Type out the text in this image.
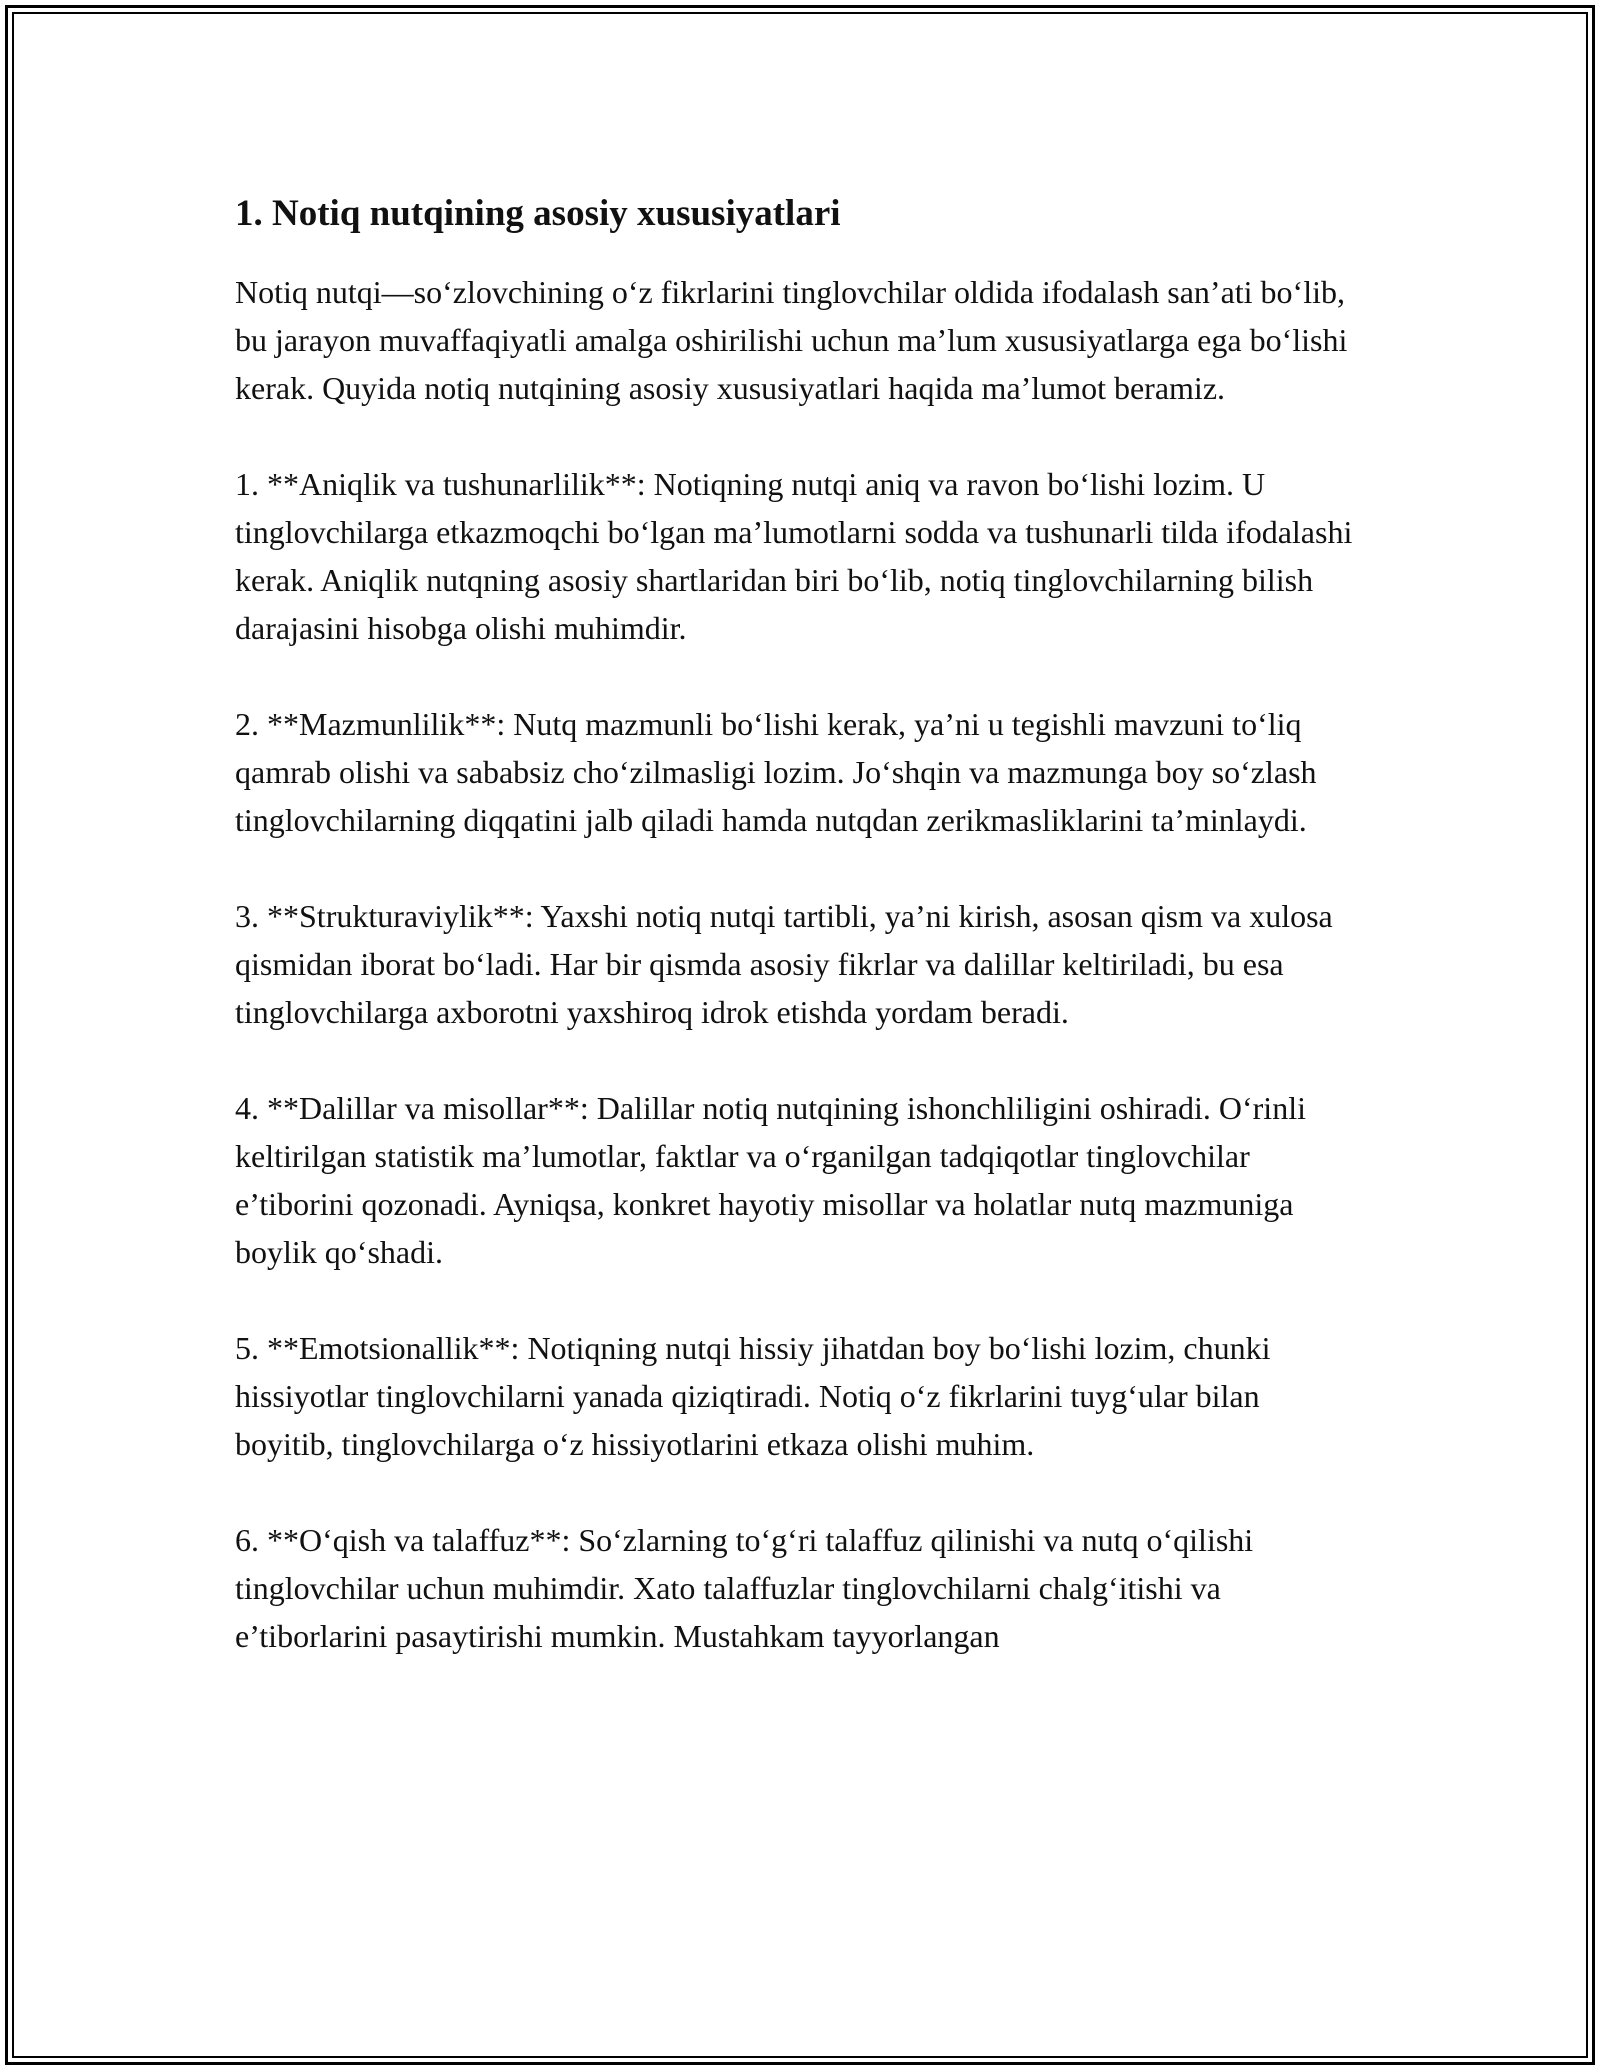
1. Notiq nutqining asosiy xususiyatlari

Notiq nutqi—so‘zlovchining o‘z fikrlarini tinglovchilar oldida ifodalash san’ati bo‘lib, bu jarayon muvaffaqiyatli amalga oshirilishi uchun ma’lum xususiyatlarga ega bo‘lishi kerak. Quyida notiq nutqining asosiy xususiyatlari haqida ma’lumot beramiz.

1. **Aniqlik va tushunarlilik**: Notiqning nutqi aniq va ravon bo‘lishi lozim. U tinglovchilarga etkazmoqchi bo‘lgan ma’lumotlarni sodda va tushunarli tilda ifodalashi kerak. Aniqlik nutqning asosiy shartlaridan biri bo‘lib, notiq tinglovchilarning bilish darajasini hisobga olishi muhimdir.

2. **Mazmunlilik**: Nutq mazmunli bo‘lishi kerak, ya’ni u tegishli mavzuni to‘liq qamrab olishi va sababsiz cho‘zilmasligi lozim. Jo‘shqin va mazmunga boy so‘zlash tinglovchilarning diqqatini jalb qiladi hamda nutqdan zerikmasliklarini ta’minlaydi.

3. **Strukturaviylik**: Yaxshi notiq nutqi tartibli, ya’ni kirish, asosan qism va xulosa qismidan iborat bo‘ladi. Har bir qismda asosiy fikrlar va dalillar keltiriladi, bu esa tinglovchilarga axborotni yaxshiroq idrok etishda yordam beradi.

4. **Dalillar va misollar**: Dalillar notiq nutqining ishonchliligini oshiradi. O‘rinli keltirilgan statistik ma’lumotlar, faktlar va o‘rganilgan tadqiqotlar tinglovchilar e’tiborini qozonadi. Ayniqsa, konkret hayotiy misollar va holatlar nutq mazmuniga boylik qo‘shadi.

5. **Emotsionallik**: Notiqning nutqi hissiy jihatdan boy bo‘lishi lozim, chunki hissiyotlar tinglovchilarni yanada qiziqtiradi. Notiq o‘z fikrlarini tuyg‘ular bilan boyitib, tinglovchilarga o‘z hissiyotlarini etkaza olishi muhim.

6. **O‘qish va talaffuz**: So‘zlarning to‘g‘ri talaffuz qilinishi va nutq o‘qilishi tinglovchilar uchun muhimdir. Xato talaffuzlar tinglovchilarni chalg‘itishi va e’tiborlarini pasaytirishi mumkin. Mustahkam tayyorlangan
